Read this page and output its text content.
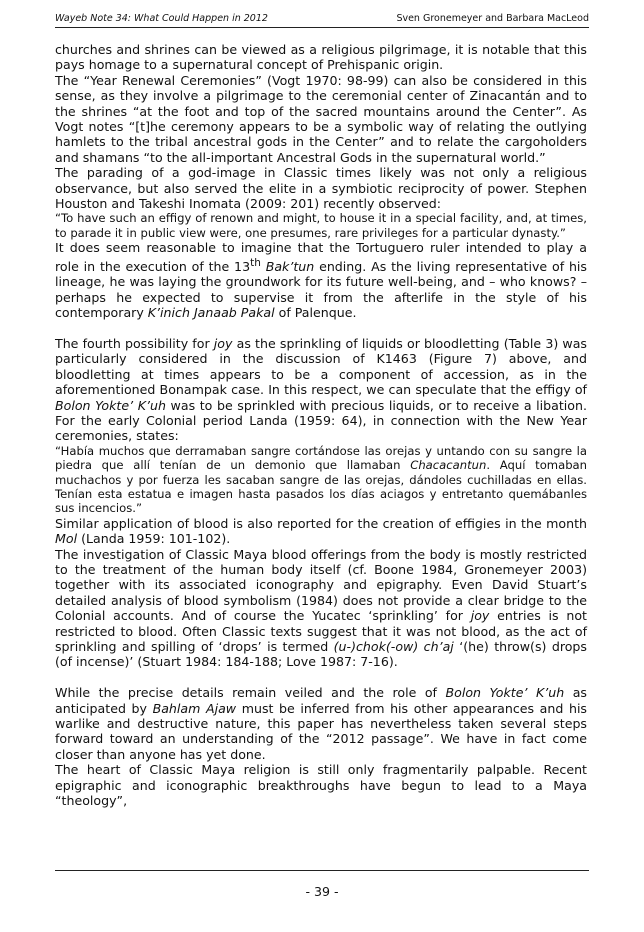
Wayeb Note 34: What Could Happen in 2012	Sven Gronemeyer and Barbara MacLeod

churches and shrines can be viewed as a religious pilgrimage, it is notable that this pays homage to a supernatural concept of Prehispanic origin.

The “Year Renewal Ceremonies” (Vogt 1970: 98-99) can also be considered in this sense, as they involve a pilgrimage to the ceremonial center of Zinacantán and to the shrines “at the foot and top of the sacred mountains around the Center”. As Vogt notes “[t]he ceremony appears to be a symbolic way of relating the outlying hamlets to the tribal ancestral gods in the Center” and to relate the cargoholders and shamans “to the all-important Ancestral Gods in the supernatural world.”

The parading of a god-image in Classic times likely was not only a religious observance, but also served the elite in a symbiotic reciprocity of power. Stephen Houston and Takeshi Inomata (2009: 201) recently observed:

“To have such an effigy of renown and might, to house it in a special facility, and, at times, to parade it in public view were, one presumes, rare privileges for a particular dynasty.”

It does seem reasonable to imagine that the Tortuguero ruler intended to play a role in the execution of the 13th Bak’tun ending. As the living representative of his lineage, he was laying the groundwork for its future well-being, and – who knows? – perhaps he expected to supervise it from the afterlife in the style of his contemporary K’inich Janaab Pakal of Palenque.

The fourth possibility for joy as the sprinkling of liquids or bloodletting (Table 3) was particularly considered in the discussion of K1463 (Figure 7) above, and bloodletting at times appears to be a component of accession, as in the aforementioned Bonampak case. In this respect, we can speculate that the effigy of Bolon Yokte’ K’uh was to be sprinkled with precious liquids, or to receive a libation. For the early Colonial period Landa (1959: 64), in connection with the New Year ceremonies, states:

“Había muchos que derramaban sangre cortándose las orejas y untando con su sangre la piedra que allí tenían de un demonio que llamaban Chacacantun. Aquí tomaban muchachos y por fuerza les sacaban sangre de las orejas, dándoles cuchilladas en ellas. Tenían esta estatua e imagen hasta pasados los días aciagos y entretanto quemábanles sus incencios.”

Similar application of blood is also reported for the creation of effigies in the month Mol (Landa 1959: 101-102).

The investigation of Classic Maya blood offerings from the body is mostly restricted to the treatment of the human body itself (cf. Boone 1984, Gronemeyer 2003) together with its associated iconography and epigraphy. Even David Stuart’s detailed analysis of blood symbolism (1984) does not provide a clear bridge to the Colonial accounts. And of course the Yucatec ‘sprinkling’ for joy entries is not restricted to blood. Often Classic texts suggest that it was not blood, as the act of sprinkling and spilling of ‘drops’ is termed (u-)chok(-ow) ch’aj ‘(he) throw(s) drops (of incense)’ (Stuart 1984: 184-188; Love 1987: 7-16).

While the precise details remain veiled and the role of Bolon Yokte’ K’uh as anticipated by Bahlam Ajaw must be inferred from his other appearances and his warlike and destructive nature, this paper has nevertheless taken several steps forward toward an understanding of the “2012 passage”. We have in fact come closer than anyone has yet done.

The heart of Classic Maya religion is still only fragmentarily palpable. Recent epigraphic and iconographic breakthroughs have begun to lead to a Maya “theology”,

- 39 -
